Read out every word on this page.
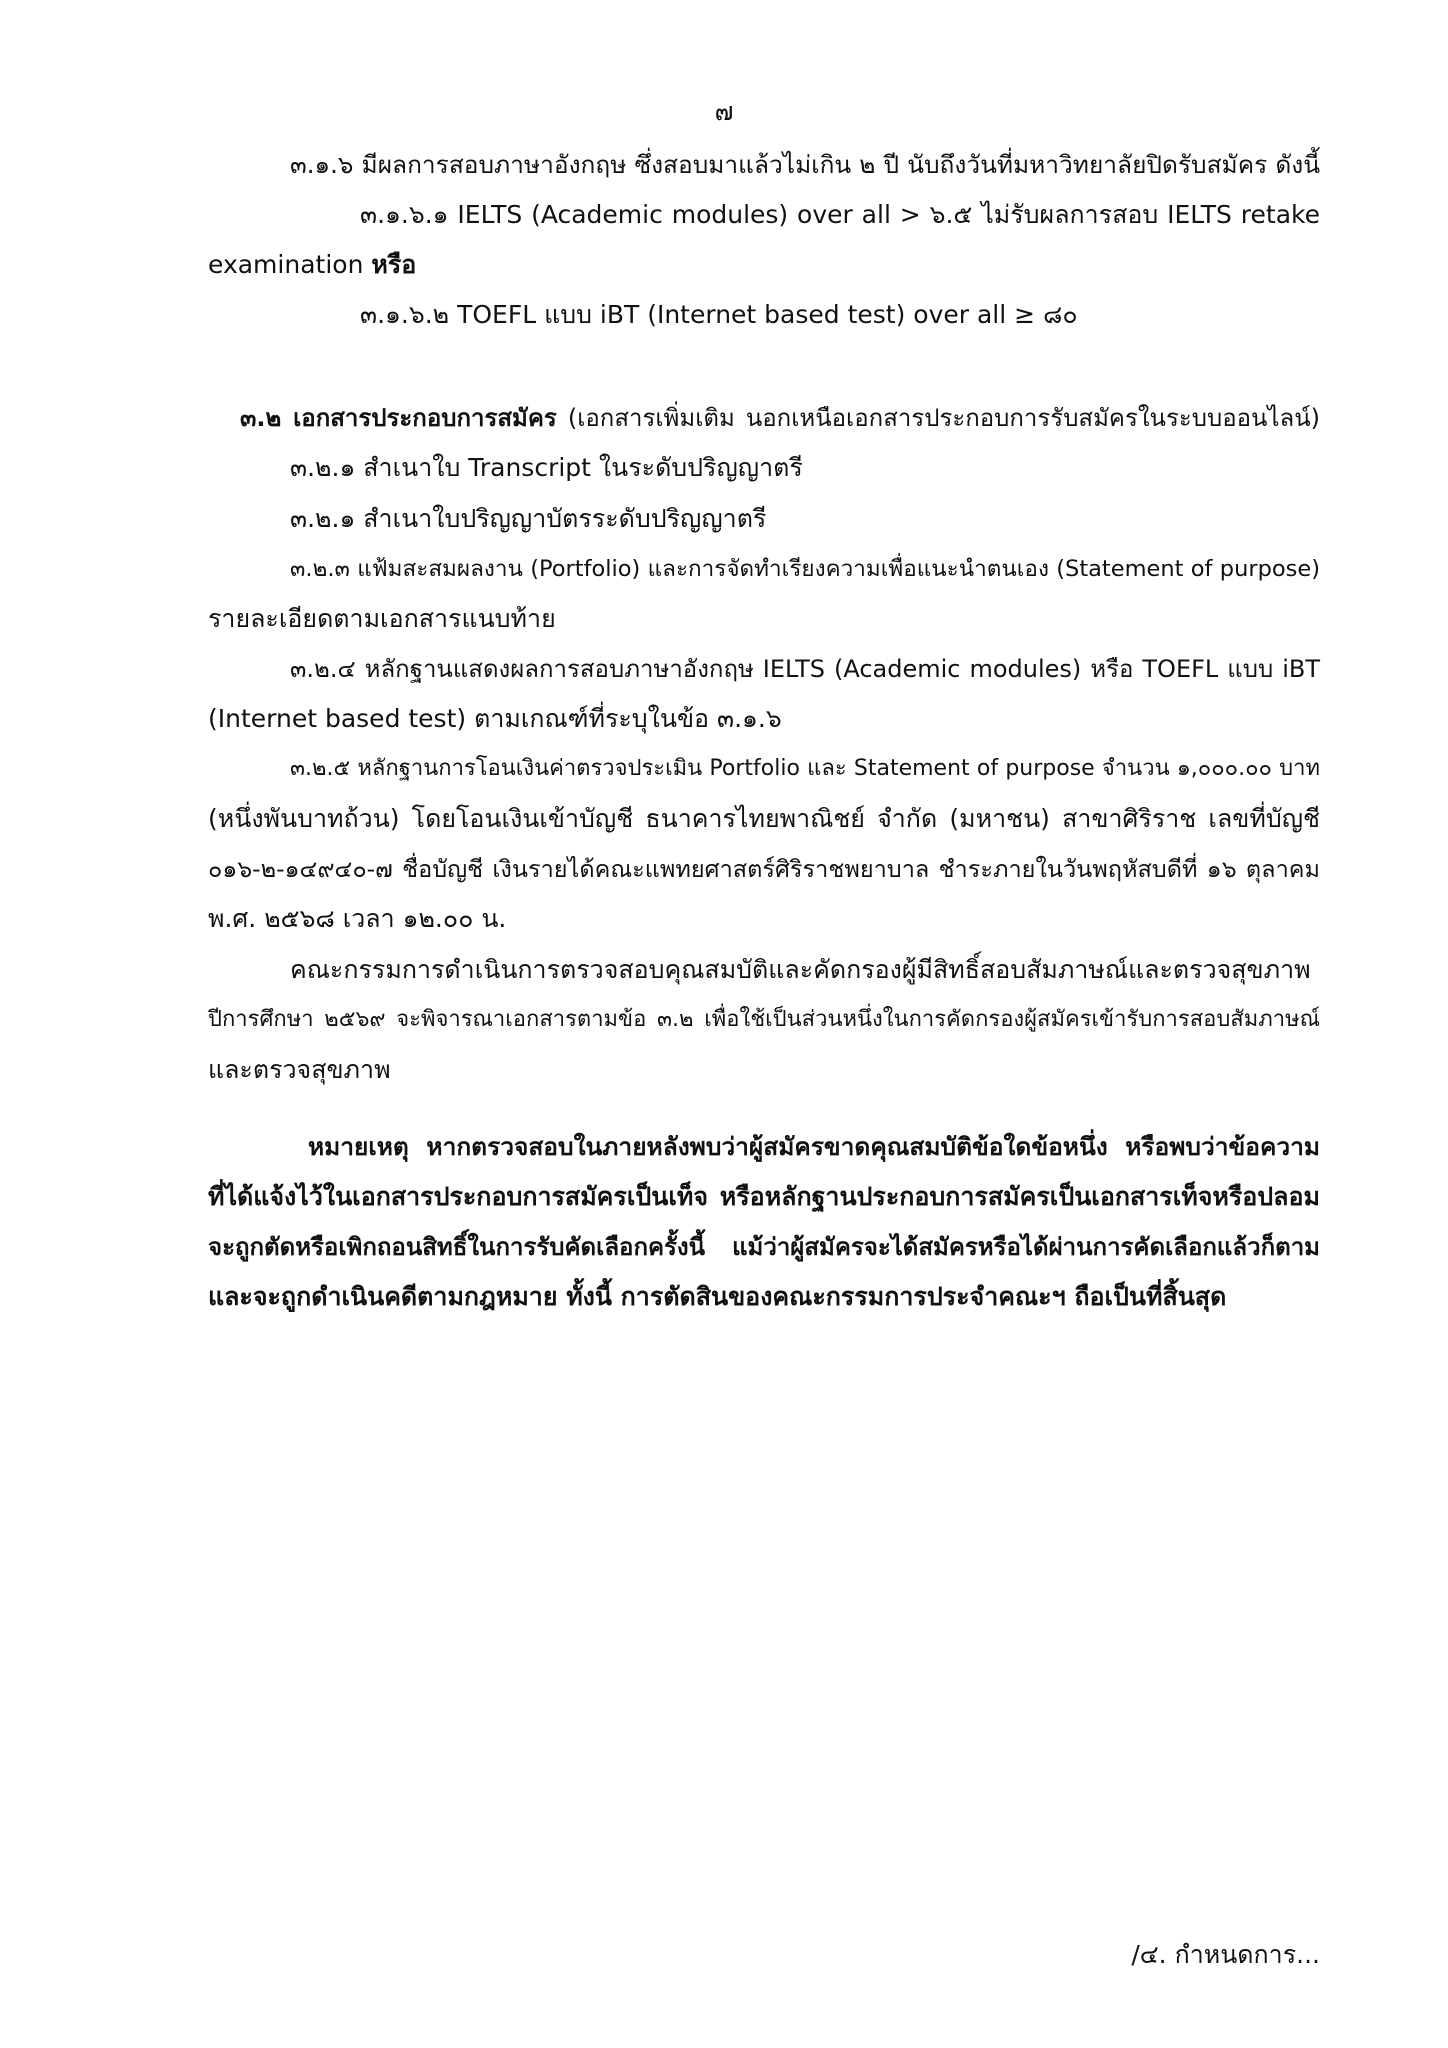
๗
๓.๑.๖ มีผลการสอบภาษาอังกฤษ ซึ่งสอบมาแล้วไม่เกิน ๒ ปี นับถึงวันที่มหาวิทยาลัยปิดรับสมัคร ดังนี้
๓.๑.๖.๑ IELTS (Academic modules) over all > ๖.๕ ไม่รับผลการสอบ IELTS retake
examination หรือ
๓.๑.๖.๒ TOEFL แบบ iBT (Internet based test) over all ≥ ๘๐
๓.๒ เอกสารประกอบการสมัคร (เอกสารเพิ่มเติม นอกเหนือเอกสารประกอบการรับสมัครในระบบออนไลน์)
๓.๒.๑ สำเนาใบ Transcript ในระดับปริญญาตรี
๓.๒.๑ สำเนาใบปริญญาบัตรระดับปริญญาตรี
๓.๒.๓ แฟ้มสะสมผลงาน (Portfolio) และการจัดทำเรียงความเพื่อแนะนำตนเอง (Statement of purpose)
รายละเอียดตามเอกสารแนบท้าย
๓.๒.๔ หลักฐานแสดงผลการสอบภาษาอังกฤษ IELTS (Academic modules) หรือ TOEFL แบบ iBT
(Internet based test) ตามเกณฑ์ที่ระบุในข้อ ๓.๑.๖
๓.๒.๕ หลักฐานการโอนเงินค่าตรวจประเมิน Portfolio และ Statement of purpose จำนวน ๑,๐๐๐.๐๐ บาท
(หนึ่งพันบาทถ้วน) โดยโอนเงินเข้าบัญชี ธนาคารไทยพาณิชย์ จำกัด (มหาชน) สาขาศิริราช เลขที่บัญชี
๐๑๖-๒-๑๔๙๔๐-๗ ชื่อบัญชี เงินรายได้คณะแพทยศาสตร์ศิริราชพยาบาล ชำระภายในวันพฤหัสบดีที่ ๑๖ ตุลาคม
พ.ศ. ๒๕๖๘ เวลา ๑๒.๐๐ น.
คณะกรรมการดำเนินการตรวจสอบคุณสมบัติและคัดกรองผู้มีสิทธิ์สอบสัมภาษณ์และตรวจสุขภาพ
ปีการศึกษา ๒๕๖๙ จะพิจารณาเอกสารตามข้อ ๓.๒ เพื่อใช้เป็นส่วนหนึ่งในการคัดกรองผู้สมัครเข้ารับการสอบสัมภาษณ์
และตรวจสุขภาพ
หมายเหตุ หากตรวจสอบในภายหลังพบว่าผู้สมัครขาดคุณสมบัติข้อใดข้อหนึ่ง หรือพบว่าข้อความ
ที่ได้แจ้งไว้ในเอกสารประกอบการสมัครเป็นเท็จ หรือหลักฐานประกอบการสมัครเป็นเอกสารเท็จหรือปลอม
จะถูกตัดหรือเพิกถอนสิทธิ์ในการรับคัดเลือกครั้งนี้ แม้ว่าผู้สมัครจะได้สมัครหรือได้ผ่านการคัดเลือกแล้วก็ตาม
และจะถูกดำเนินคดีตามกฎหมาย ทั้งนี้ การตัดสินของคณะกรรมการประจำคณะฯ ถือเป็นที่สิ้นสุด
/๔. กำหนดการ...
